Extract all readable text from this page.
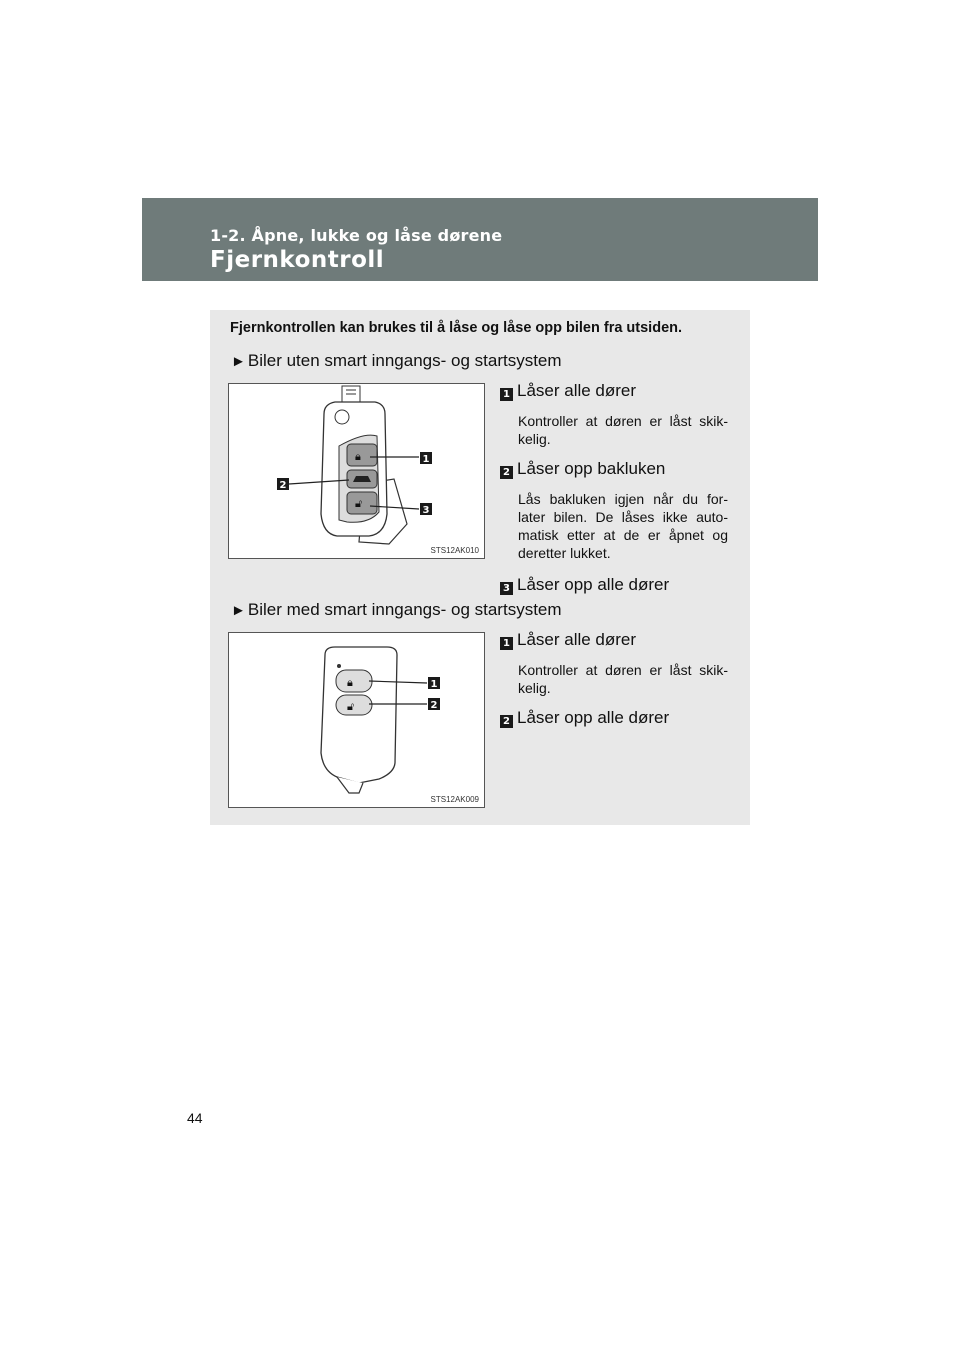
1-2. Åpne, lukke og låse dørene
Fjernkontroll
Fjernkontrollen kan brukes til å låse og låse opp bilen fra utsiden.
► Biler uten smart inngangs- og startsystem
🔒︎
🔓︎
1
2
3
STS12AK010
1 Låser alle dører
Kontroller at døren er låst skik-kelig.
2 Låser opp bakluken
Lås bakluken igjen når du for-later bilen. De låses ikke auto-matisk etter at de er åpnet og deretter lukket.
3 Låser opp alle dører
► Biler med smart inngangs- og startsystem
🔒︎
🔓︎
1
2
STS12AK009
1 Låser alle dører
Kontroller at døren er låst skik-kelig.
2 Låser opp alle dører
44
